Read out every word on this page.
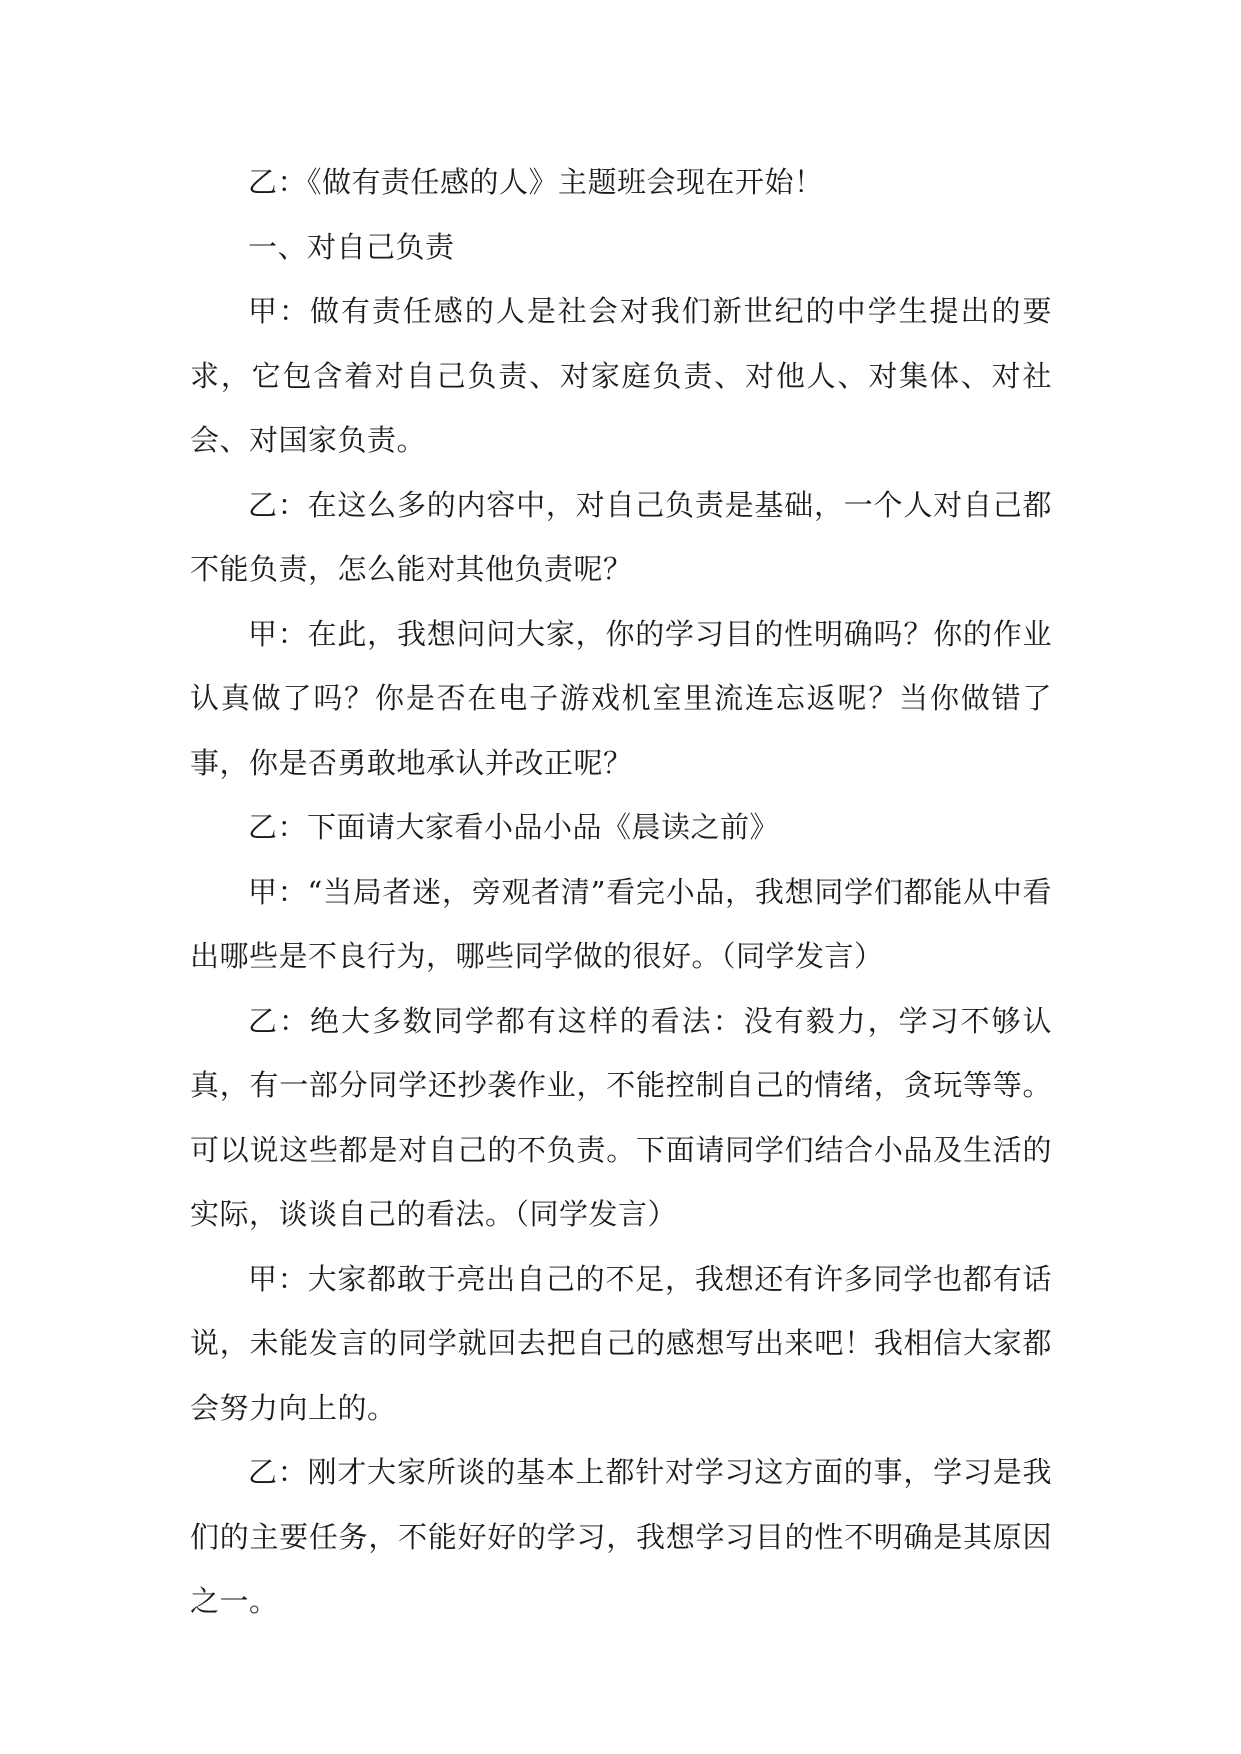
乙：《做有责任感的人》主题班会现在开始！

一、对自己负责

甲：做有责任感的人是社会对我们新世纪的中学生提出的要求，它包含着对自己负责、对家庭负责、对他人、对集体、对社会、对国家负责。

乙：在这么多的内容中，对自己负责是基础，一个人对自己都不能负责，怎么能对其他负责呢？

甲：在此，我想问问大家，你的学习目的性明确吗？你的作业认真做了吗？你是否在电子游戏机室里流连忘返呢？当你做错了事，你是否勇敢地承认并改正呢？

乙：下面请大家看小品小品《晨读之前》

甲：“当局者迷，旁观者清”看完小品，我想同学们都能从中看出哪些是不良行为，哪些同学做的很好。（同学发言）

乙：绝大多数同学都有这样的看法：没有毅力，学习不够认真，有一部分同学还抄袭作业，不能控制自己的情绪，贪玩等等。可以说这些都是对自己的不负责。下面请同学们结合小品及生活的实际，谈谈自己的看法。（同学发言）

甲：大家都敢于亮出自己的不足，我想还有许多同学也都有话说，未能发言的同学就回去把自己的感想写出来吧！我相信大家都会努力向上的。

乙：刚才大家所谈的基本上都针对学习这方面的事，学习是我们的主要任务，不能好好的学习，我想学习目的性不明确是其原因之一。
